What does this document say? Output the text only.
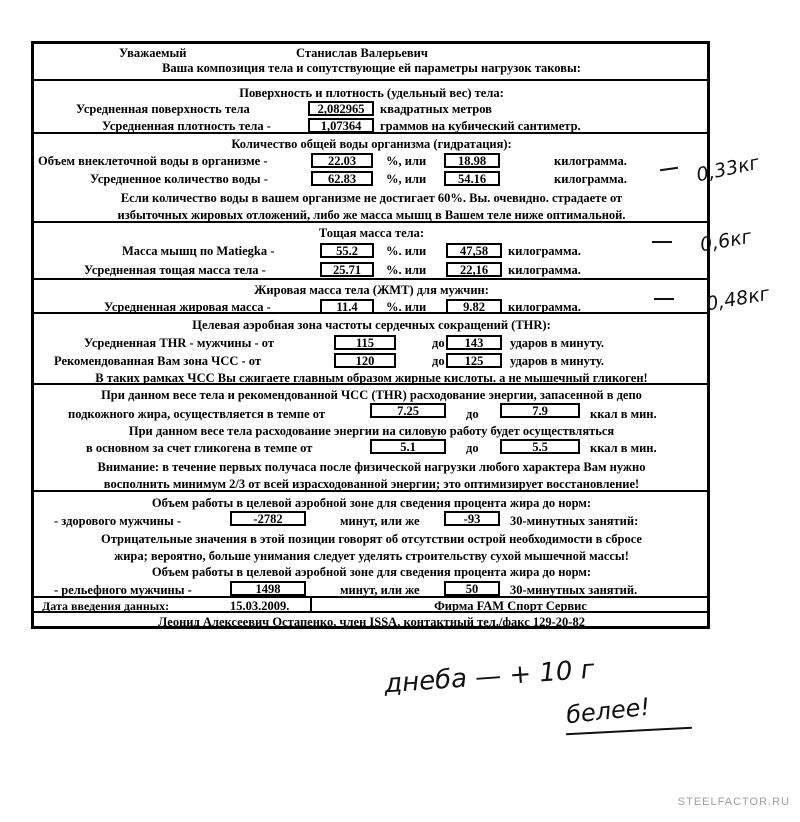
Уважаемый	Станислав Валерьевич
Ваша композиция тела и сопутствующие ей параметры нагрузок таковы:
Поверхность и плотность (удельный вес) тела:
Усредненная поверхность тела	2,082965	квадратных метров
Усредненная плотность тела -	1,07364	граммов на кубический сантиметр.
Количество общей воды организма (гидратация):
Объем внеклеточной воды в организме -	22.03	%, или	18.98	килограмма.
Усредненное количество воды -	62.83	%, или	54.16	килограмма.
Если количество воды в вашем организме не достигает 60%. Вы. очевидно. страдаете от
избыточных жировых отложений, либо же масса мышц в Вашем теле ниже оптимальной.
Тощая масса тела:
Масса мышц по Matiegka -	55.2	%. или	47,58	килограмма.
Усредненная тощая масса тела -	25.71	%. или	22,16	килограмма.
Жировая масса тела (ЖМТ) для мужчин:
Усредненная жировая масса -	11.4	%. или	9.82	килограмма.
Целевая аэробная зона частоты сердечных сокращений (THR):
Усредненная THR - мужчины - от	115	до	143	ударов в минуту.
Рекомендованная Вам зона ЧСС - от	120	до	125	ударов в минуту.
В таких рамках ЧСС Вы сжигаете главным образом жирные кислоты. а не мышечный гликоген!
При данном весе тела и рекомендованной ЧСС (THR) расходование энергии, запасенной в депо
подкожного жира, осуществляется в темпе от	7.25	до	7.9	ккал в мин.
При данном весе тела расходование энергии на силовую работу будет осуществляться
в основном за счет гликогена в темпе от	5.1	до	5.5	ккал в мин.
Внимание: в течение первых получаса после физической нагрузки любого характера Вам нужно
восполнить минимум 2/3 от всей израсходованной энергии; это оптимизирует восстановление!
Объем работы в целевой аэробной зоне для сведения процента жира до норм:
- здорового мужчины -	-2782	минут, или же	-93	30-минутных занятий:
Отрицательные значения в этой позиции говорят об отсутствии острой необходимости в сбросе
жира; вероятно, больше унимания следует уделять строительству сухой мышечной массы!
Объем работы в целевой аэробной зоне для сведения процента жира до норм:
- рельефного мужчины -	1498	минут, или же	50	30-минутных занятий.
Дата введения данных:	15.03.2009.	Фирма FAM Спорт Сервис
Леонид Алексеевич Остапенко, член ISSA, контактный тел./факс 129-20-82
0,33кг
0,6кг
0,48кг
днеба — + 10 г
белее!
STEELFACTOR.RU
